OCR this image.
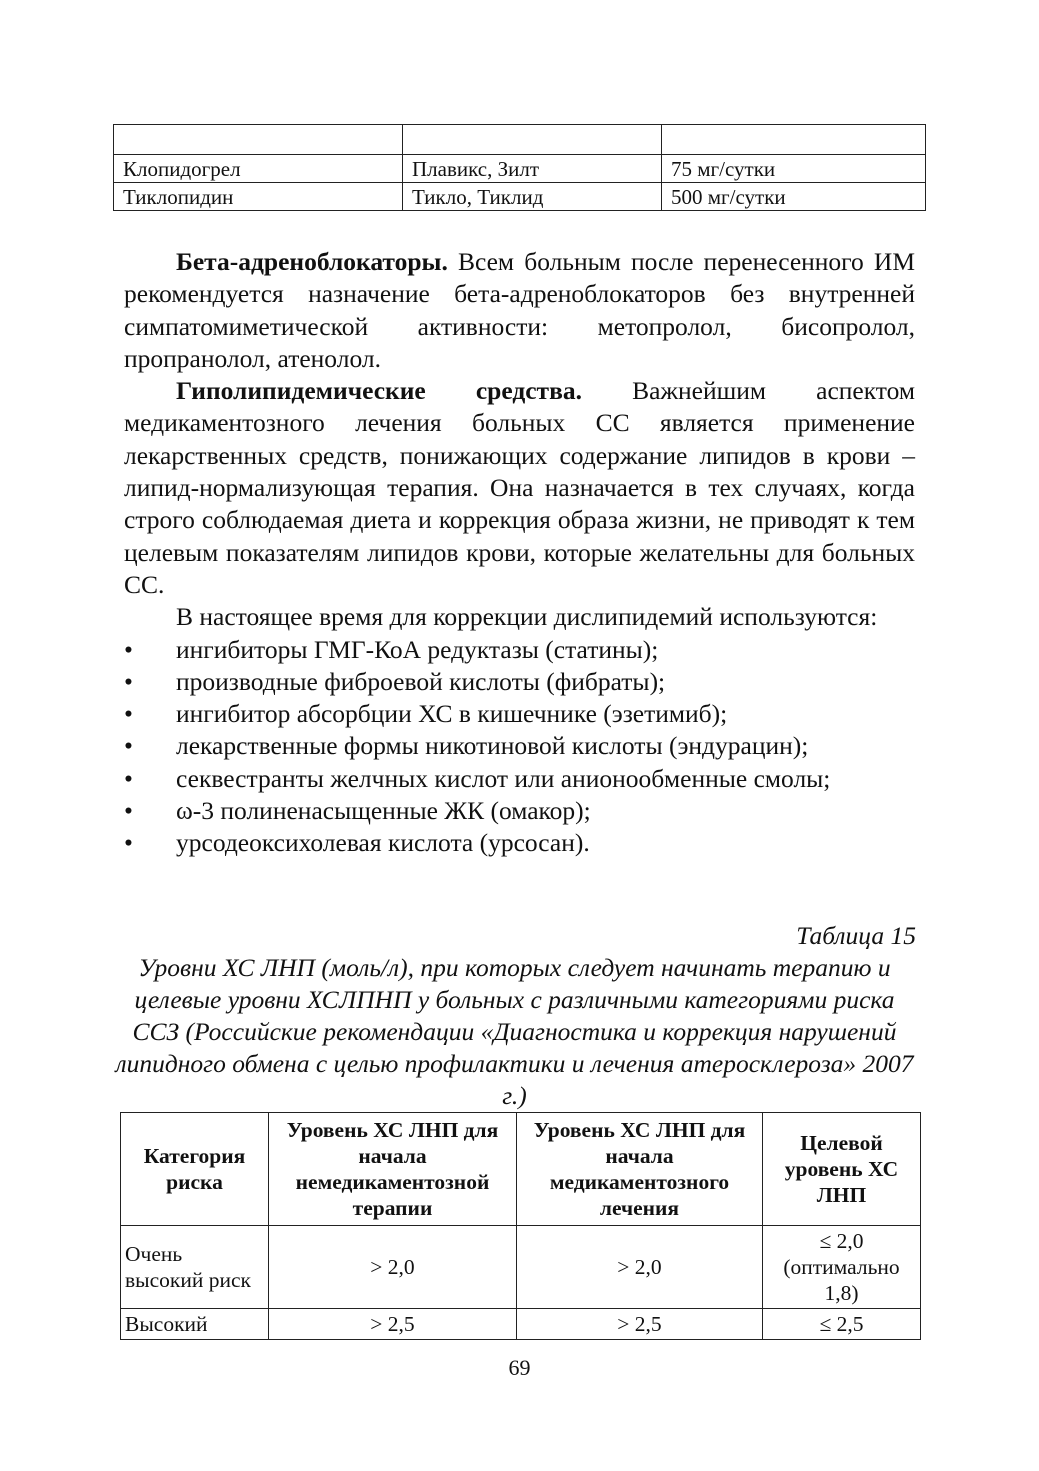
Клопидогрел	Плавикс, Зилт	75 мг/сутки
Тиклопидин	Тикло, Тиклид	500 мг/сутки

Бета-адреноблокаторы. Всем больным после перенесенного ИМ рекомендуется назначение бета-адреноблокаторов без внутренней симпатомиметической активности: метопролол, бисопролол, пропранолол, атенолол.

Гиполипидемические средства. Важнейшим аспектом медикаментозного лечения больных СС является применение лекарственных средств, понижающих содержание липидов в крови – липид-нормализующая терапия. Она назначается в тех случаях, когда строго соблюдаемая диета и коррекция образа жизни, не приводят к тем целевым показателям липидов крови, которые желательны для больных СС.

В настоящее время для коррекции дислипидемий используются:

•	ингибиторы ГМГ-КоА редуктазы (статины);
•	производные фиброевой кислоты (фибраты);
•	ингибитор абсорбции ХС в кишечнике (эзетимиб);
•	лекарственные формы никотиновой кислоты (эндурацин);
•	секвестранты желчных кислот или анионообменные смолы;
•	ω-3 полиненасыщенные ЖК (омакор);
•	урсодеоксихолевая кислота (урсосан).
Таблица 15
Уровни ХС ЛНП (моль/л), при которых следует начинать терапию и целевые уровни ХСЛПНП у больных с различными категориями риска ССЗ (Российские рекомендации «Диагностика и коррекция нарушений липидного обмена с целью профилактики и лечения атеросклероза» 2007 г.)
Категория риска	Уровень ХС ЛНП для начала немедикаментозной терапии	Уровень ХС ЛНП для начала медикаментозного лечения	Целевой уровень ХС ЛНП
Очень высокий риск	> 2,0	> 2,0	≤ 2,0 (оптимально 1,8)
Высокий	> 2,5	> 2,5	≤ 2,5
69
